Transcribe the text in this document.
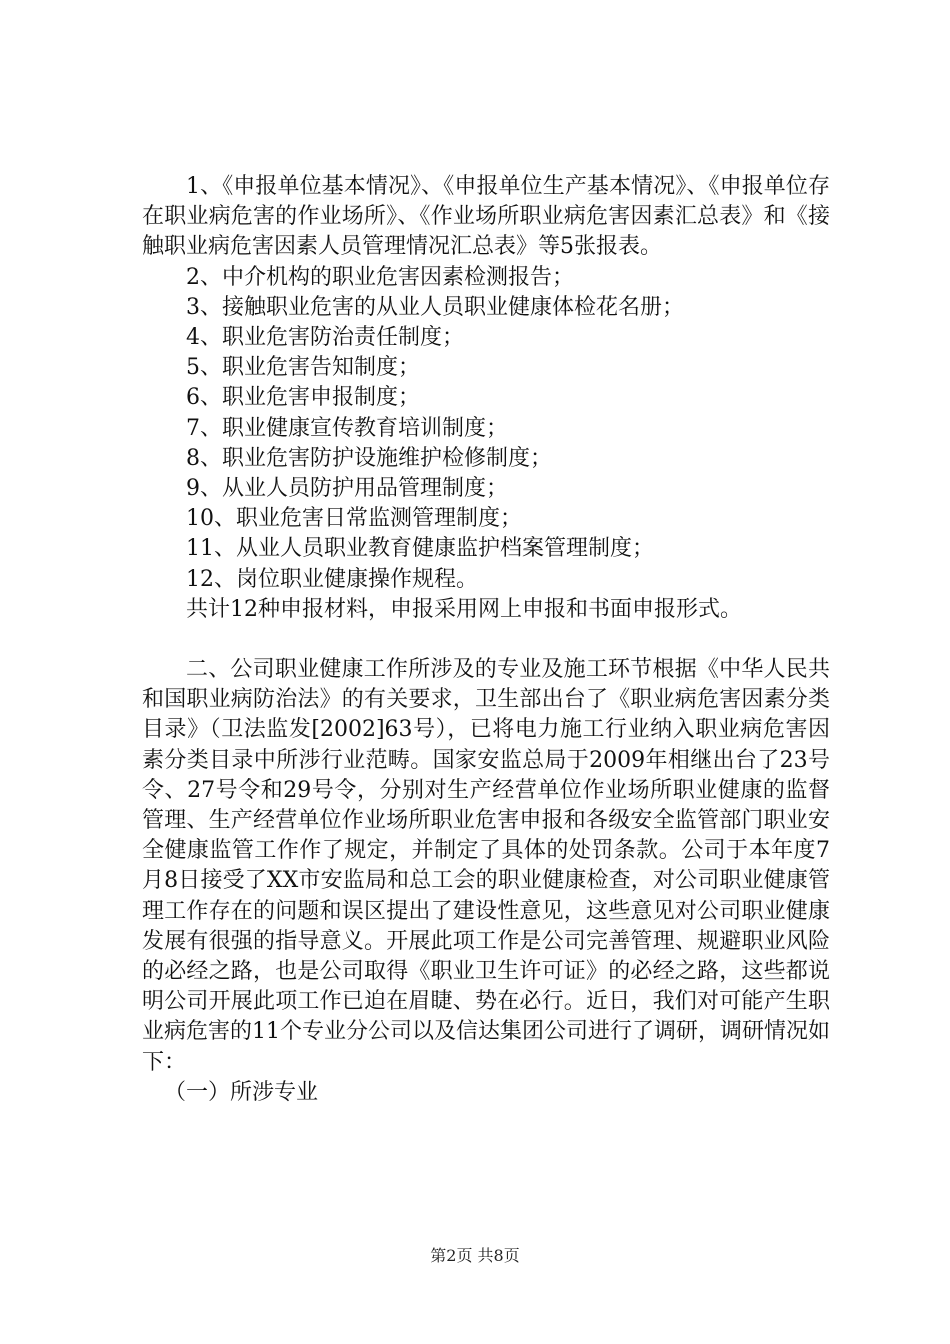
1、《申报单位基本情况》、《申报单位生产基本情况》、《申报单位存在职业病危害的作业场所》、《作业场所职业病危害因素汇总表》和《接触职业病危害因素人员管理情况汇总表》等5张报表。

2、中介机构的职业危害因素检测报告；
3、接触职业危害的从业人员职业健康体检花名册；
4、职业危害防治责任制度；
5、职业危害告知制度；
6、职业危害申报制度；
7、职业健康宣传教育培训制度；
8、职业危害防护设施维护检修制度；
9、从业人员防护用品管理制度；
10、职业危害日常监测管理制度；
11、从业人员职业教育健康监护档案管理制度；
12、岗位职业健康操作规程。
共计12种申报材料，申报采用网上申报和书面申报形式。

二、公司职业健康工作所涉及的专业及施工环节根据《中华人民共和国职业病防治法》的有关要求，卫生部出台了《职业病危害因素分类目录》（卫法监发[2002]63号），已将电力施工行业纳入职业病危害因素分类目录中所涉行业范畴。国家安监总局于2009年相继出台了23号令、27号令和29号令，分别对生产经营单位作业场所职业健康的监督管理、生产经营单位作业场所职业危害申报和各级安全监管部门职业安全健康监管工作作了规定，并制定了具体的处罚条款。公司于本年度7月8日接受了XX市安监局和总工会的职业健康检查，对公司职业健康管理工作存在的问题和误区提出了建设性意见，这些意见对公司职业健康发展有很强的指导意义。开展此项工作是公司完善管理、规避职业风险的必经之路，也是公司取得《职业卫生许可证》的必经之路，这些都说明公司开展此项工作已迫在眉睫、势在必行。近日，我们对可能产生职业病危害的11个专业分公司以及信达集团公司进行了调研，调研情况如下：

（一）所涉专业
第2页 共8页
